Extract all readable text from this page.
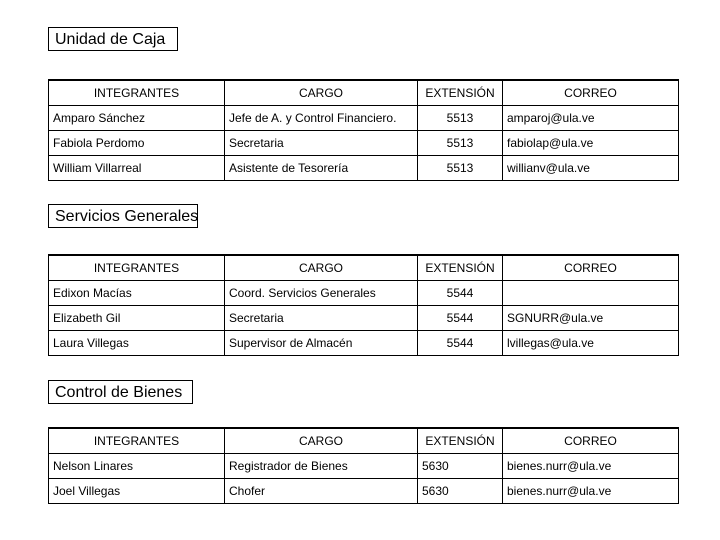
Unidad de Caja
INTEGRANTES	CARGO	EXTENSIÓN	CORREO
Amparo Sánchez	Jefe de A. y Control Financiero.	5513	amparoj@ula.ve
Fabiola Perdomo	Secretaria	5513	fabiolap@ula.ve
William Villarreal	Asistente de Tesorería	5513	willianv@ula.ve
Servicios Generales
INTEGRANTES	CARGO	EXTENSIÓN	CORREO
Edixon Macías	Coord. Servicios Generales	5544	
Elizabeth Gil	Secretaria	5544	SGNURR@ula.ve
Laura Villegas	Supervisor de Almacén	5544	lvillegas@ula.ve
Control de Bienes
INTEGRANTES	CARGO	EXTENSIÓN	CORREO
Nelson Linares	Registrador de Bienes	5630	bienes.nurr@ula.ve
Joel Villegas	Chofer	5630	bienes.nurr@ula.ve
